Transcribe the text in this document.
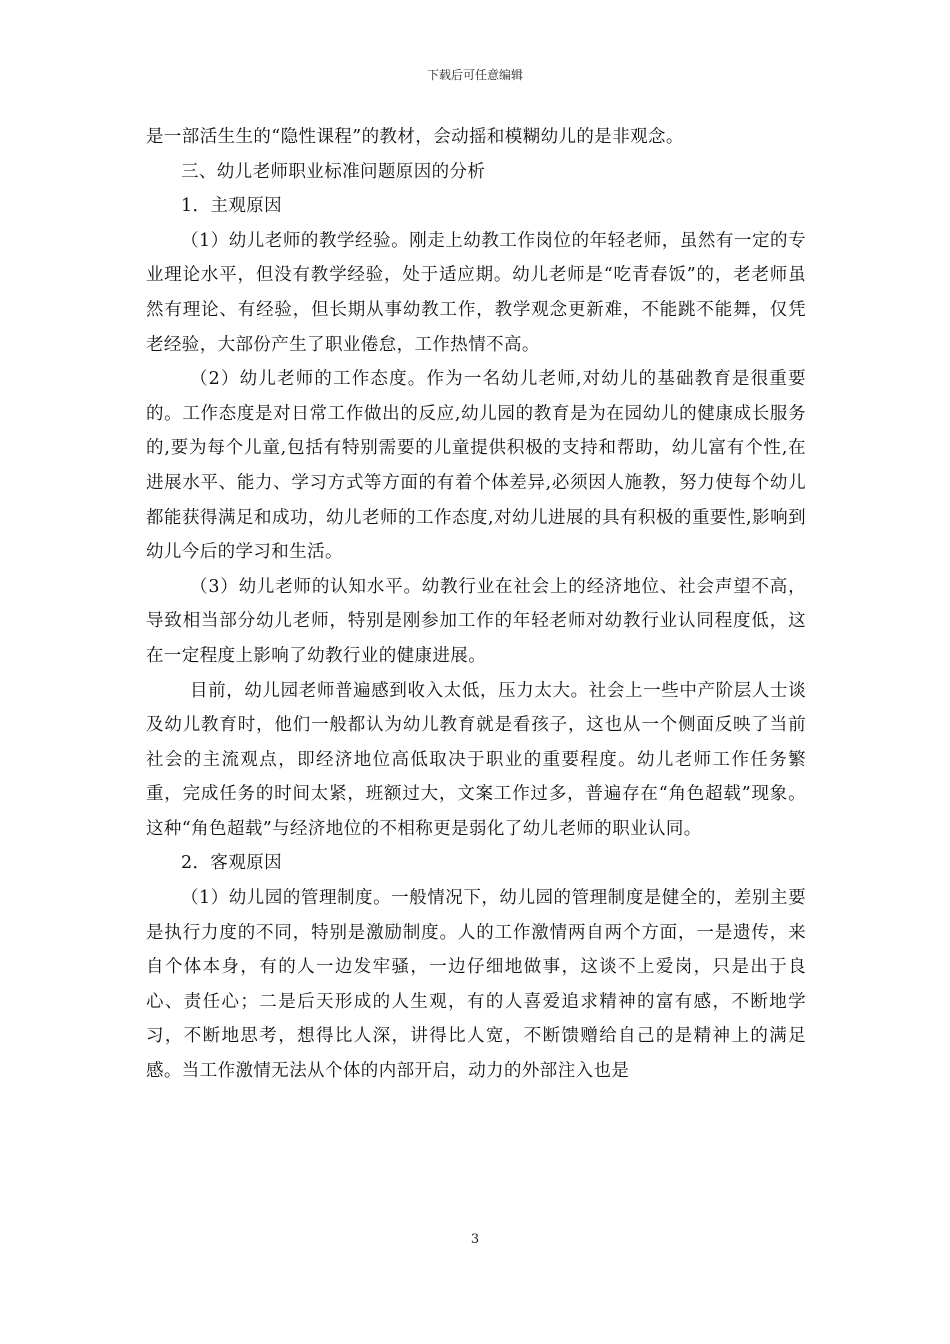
下载后可任意编辑

是一部活生生的“隐性课程”的教材，会动摇和模糊幼儿的是非观念。

三、幼儿老师职业标准问题原因的分析

1．主观原因

（1）幼儿老师的教学经验。刚走上幼教工作岗位的年轻老师，虽然有一定的专业理论水平，但没有教学经验，处于适应期。幼儿老师是“吃青春饭”的，老老师虽然有理论、有经验，但长期从事幼教工作，教学观念更新难，不能跳不能舞，仅凭老经验，大部份产生了职业倦怠，工作热情不高。

（2）幼儿老师的工作态度。作为一名幼儿老师,对幼儿的基础教育是很重要的。工作态度是对日常工作做出的反应,幼儿园的教育是为在园幼儿的健康成长服务的,要为每个儿童,包括有特别需要的儿童提供积极的支持和帮助，幼儿富有个性,在进展水平、能力、学习方式等方面的有着个体差异,必须因人施教，努力使每个幼儿都能获得满足和成功，幼儿老师的工作态度,对幼儿进展的具有积极的重要性,影响到幼儿今后的学习和生活。

（3）幼儿老师的认知水平。幼教行业在社会上的经济地位、社会声望不高，导致相当部分幼儿老师，特别是刚参加工作的年轻老师对幼教行业认同程度低，这在一定程度上影响了幼教行业的健康进展。

目前，幼儿园老师普遍感到收入太低，压力太大。社会上一些中产阶层人士谈及幼儿教育时，他们一般都认为幼儿教育就是看孩子，这也从一个侧面反映了当前社会的主流观点，即经济地位高低取决于职业的重要程度。幼儿老师工作任务繁重，完成任务的时间太紧，班额过大，文案工作过多，普遍存在“角色超载”现象。这种“角色超载”与经济地位的不相称更是弱化了幼儿老师的职业认同。

2．客观原因

（1）幼儿园的管理制度。一般情况下，幼儿园的管理制度是健全的，差别主要是执行力度的不同，特别是激励制度。人的工作激情两自两个方面，一是遗传，来自个体本身，有的人一边发牢骚，一边仔细地做事，这谈不上爱岗，只是出于良心、责任心；二是后天形成的人生观，有的人喜爱追求精神的富有感，不断地学习，不断地思考，想得比人深，讲得比人宽，不断馈赠给自己的是精神上的满足感。当工作激情无法从个体的内部开启，动力的外部注入也是

3
